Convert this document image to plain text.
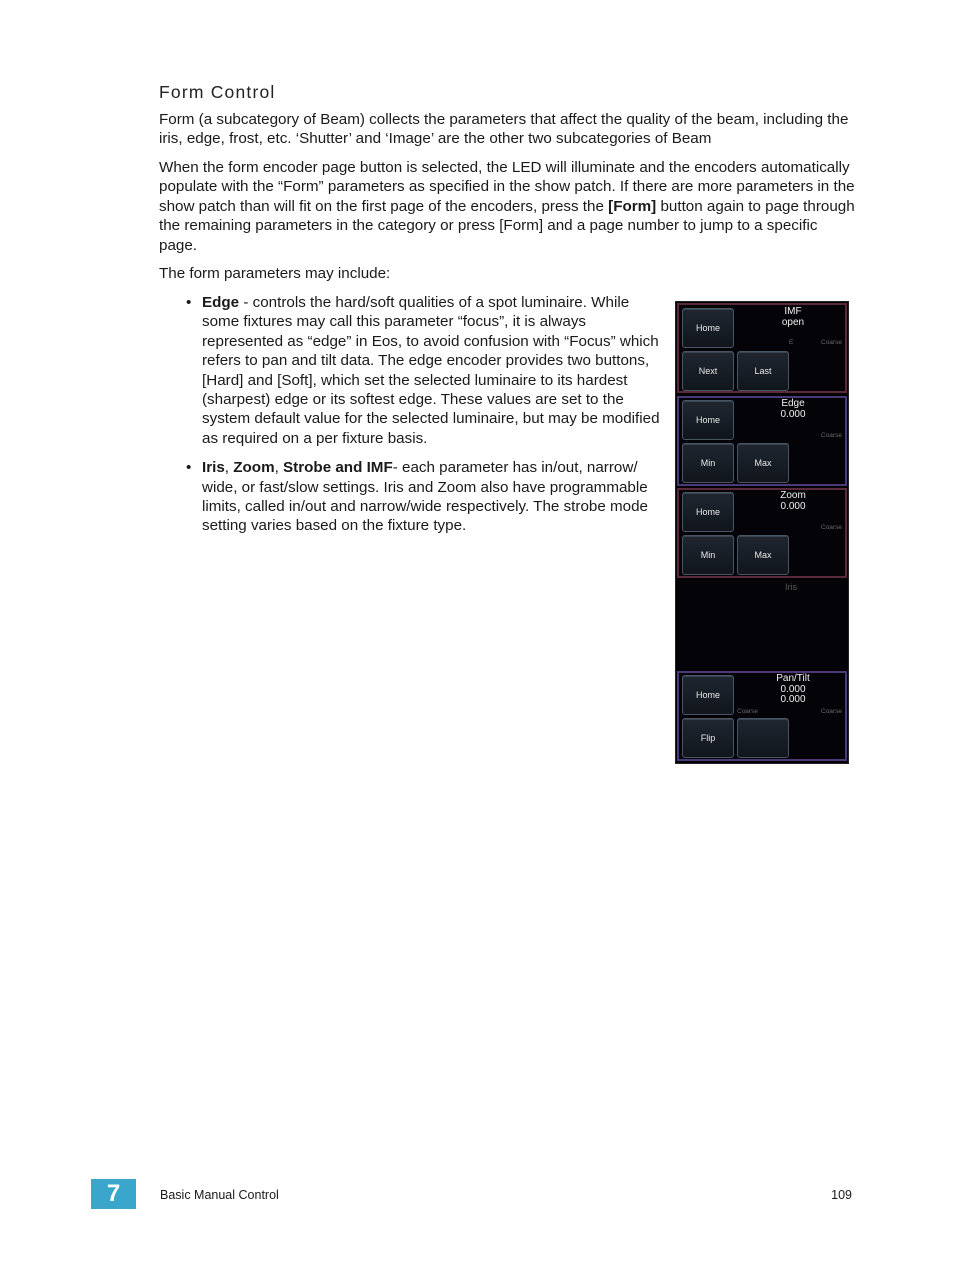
Form Control

Form (a subcategory of Beam) collects the parameters that affect the quality of the beam, including the iris, edge, frost, etc. ‘Shutter’ and ‘Image’ are the other two subcategories of Beam

When the form encoder page button is selected, the LED will illuminate and the encoders automatically populate with the “Form” parameters as specified in the show patch. If there are more parameters in the show patch than will fit on the first page of the encoders, press the [Form] button again to page through the remaining parameters in the category or press [Form] and a page number to jump to a specific page.

The form parameters may include:

• Edge - controls the hard/soft qualities of a spot luminaire. While some fixtures may call this parameter “focus”, it is always represented as “edge” in Eos, to avoid confusion with “Focus” which refers to pan and tilt data. The edge encoder provides two buttons, [Hard] and [Soft], which set the selected luminaire to its hardest (sharpest) edge or its softest edge. These values are set to the system default value for the selected luminaire, but may be modified as required on a per fixture basis.
• Iris, Zoom, Strobe and IMF- each parameter has in/out, narrow/ wide, or fast/slow settings. Iris and Zoom also have programmable limits, called in/out and narrow/wide respectively. The strobe mode setting varies based on the fixture type.
Home
Next	Last
IMF
open
E	Coarse
Home
Min	Max
Edge
0.000
Coarse
Home
Min	Max
Zoom
0.000
Coarse
Iris
Home
Flip
Pan/Tilt
0.000
0.000
Coarse	Coarse
7	Basic Manual Control	109
